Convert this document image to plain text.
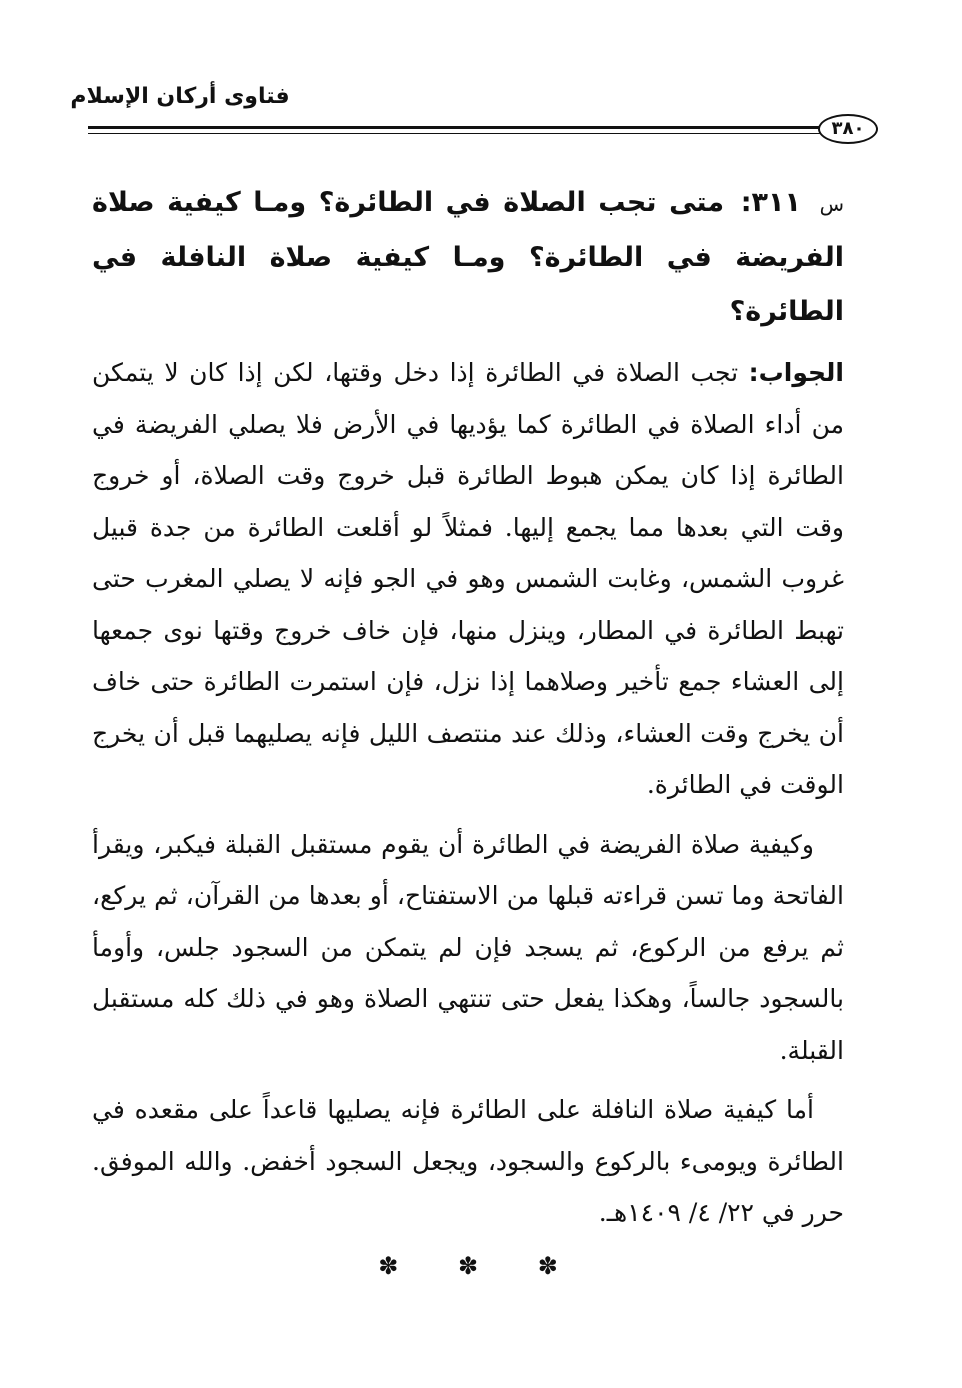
فتاوى أركان الإسلام
٣٨٠

س ٣١١: متى تجب الصلاة في الطائرة؟ ومـا كيفية صلاة الفريضة في الطائرة؟ ومـا كيفية صلاة النافلة في الطائرة؟

الجواب: تجب الصلاة في الطائرة إذا دخل وقتها، لكن إذا كان لا يتمكن من أداء الصلاة في الطائرة كما يؤديها في الأرض فلا يصلي الفريضة في الطائرة إذا كان يمكن هبوط الطائرة قبل خروج وقت الصلاة، أو خروج وقت التي بعدها مما يجمع إليها. فمثلاً لو أقلعت الطائرة من جدة قبيل غروب الشمس، وغابت الشمس وهو في الجو فإنه لا يصلي المغرب حتى تهبط الطائرة في المطار، وينزل منها، فإن خاف خروج وقتها نوى جمعها إلى العشاء جمع تأخير وصلاهما إذا نزل، فإن استمرت الطائرة حتى خاف أن يخرج وقت العشاء، وذلك عند منتصف الليل فإنه يصليهما قبل أن يخرج الوقت في الطائرة.

وكيفية صلاة الفريضة في الطائرة أن يقوم مستقبل القبلة فيكبر، ويقرأ الفاتحة وما تسن قراءته قبلها من الاستفتاح، أو بعدها من القرآن، ثم يركع، ثم يرفع من الركوع، ثم يسجد فإن لم يتمكن من السجود جلس، وأومأ بالسجود جالساً، وهكذا يفعل حتى تنتهي الصلاة وهو في ذلك كله مستقبل القبلة.

أما كيفية صلاة النافلة على الطائرة فإنه يصليها قاعداً على مقعده في الطائرة ويومىء بالركوع والسجود، ويجعل السجود أخفض. والله الموفق. حرر في ٢٢/ ٤/ ١٤٠٩هـ.

✽ ✽ ✽
